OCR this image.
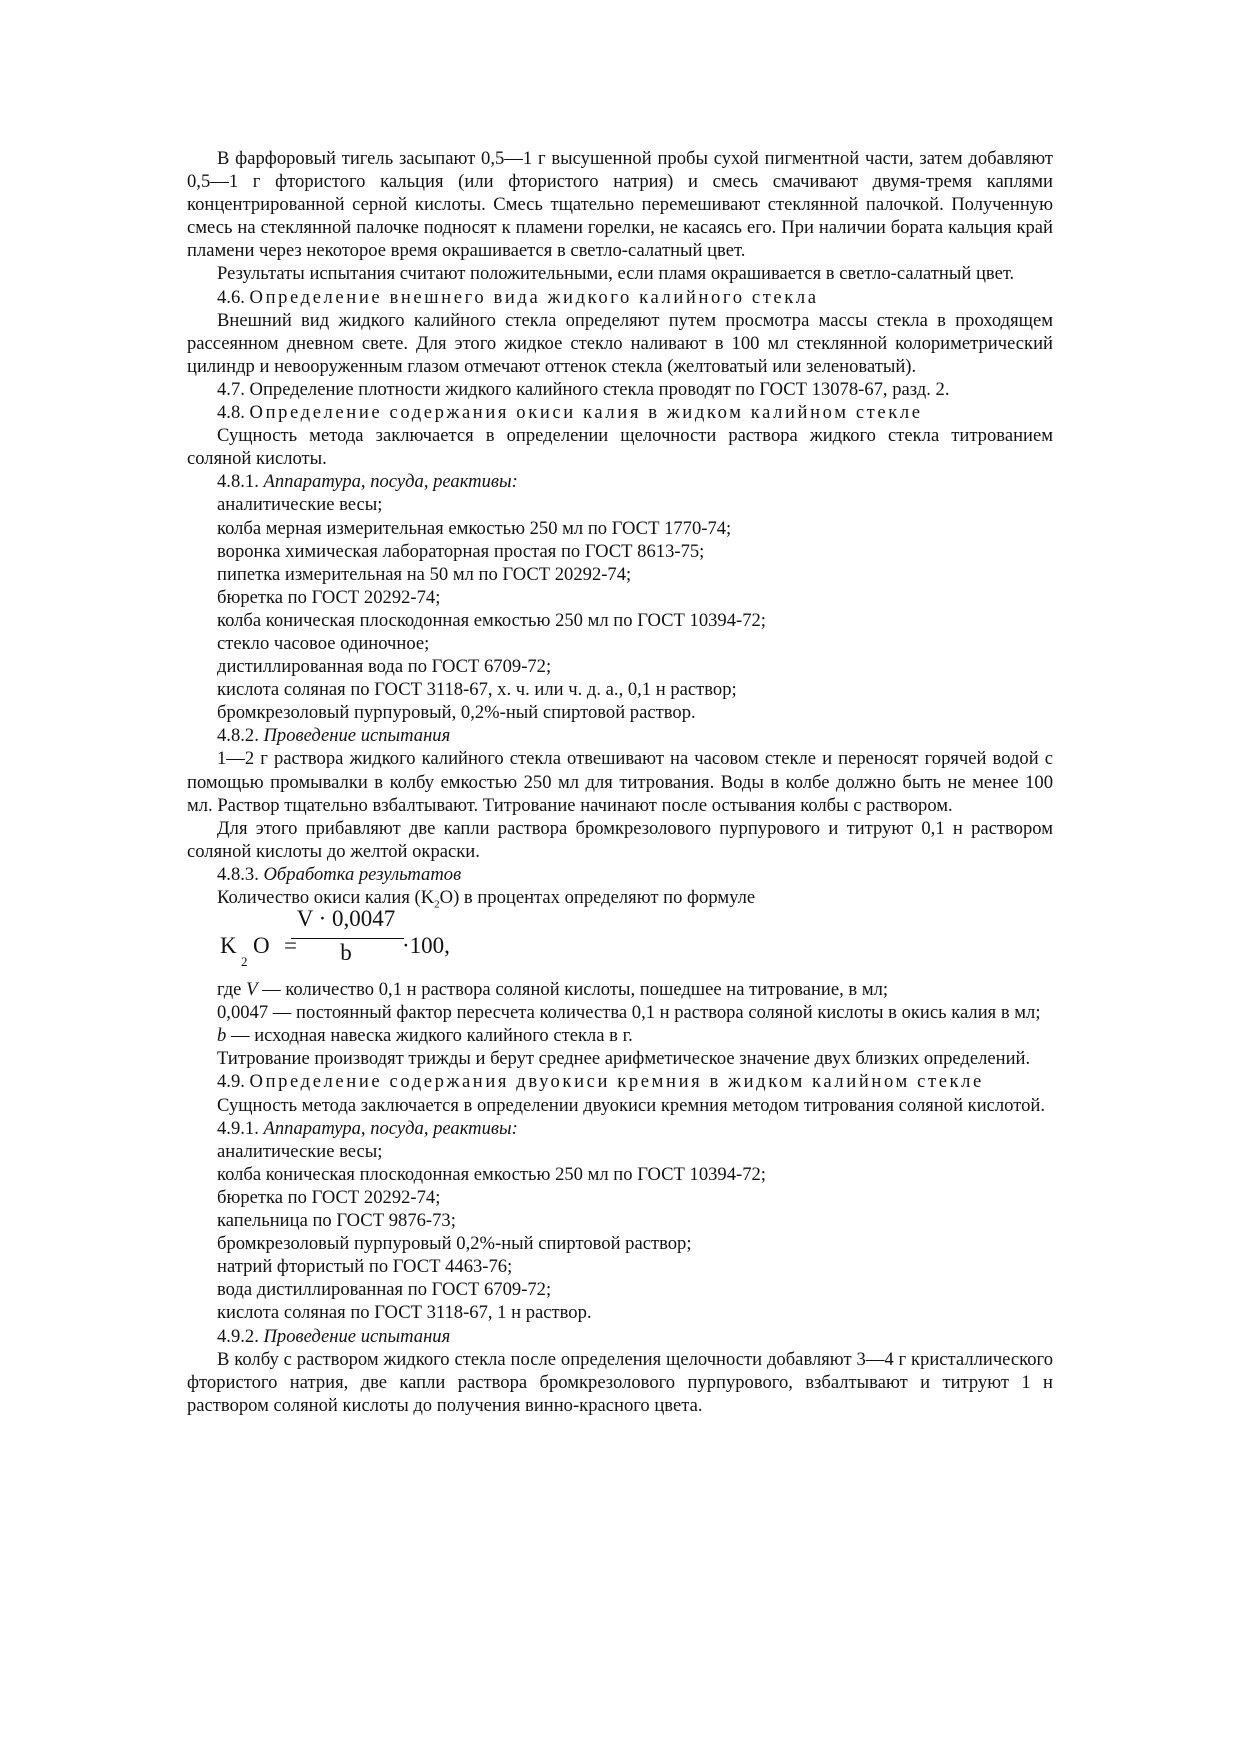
В фарфоровый тигель засыпают 0,5—1 г высушенной пробы сухой пигментной части, затем добавляют 0,5—1 г фтористого кальция (или фтористого натрия) и смесь смачивают двумя-тремя каплями концентрированной серной кислоты. Смесь тщательно перемешивают стеклянной палочкой. Полученную смесь на стеклянной палочке подносят к пламени горелки, не касаясь его. При наличии бората кальция край пламени через некоторое время окрашивается в светло-салатный цвет.

Результаты испытания считают положительными, если пламя окрашивается в светло-салатный цвет.

4.6. Определение внешнего вида жидкого калийного стекла

Внешний вид жидкого калийного стекла определяют путем просмотра массы стекла в проходящем рассеянном дневном свете. Для этого жидкое стекло наливают в 100 мл стеклянной колориметрический цилиндр и невооруженным глазом отмечают оттенок стекла (желтоватый или зеленоватый).

4.7. Определение плотности жидкого калийного стекла проводят по ГОСТ 13078-67, разд. 2.

4.8. Определение содержания окиси калия в жидком калийном стекле

Сущность метода заключается в определении щелочности раствора жидкого стекла титрованием соляной кислоты.

4.8.1. Аппаратура, посуда, реактивы:

аналитические весы;

колба мерная измерительная емкостью 250 мл по ГОСТ 1770-74;

воронка химическая лабораторная простая по ГОСТ 8613-75;

пипетка измерительная на 50 мл по ГОСТ 20292-74;

бюретка по ГОСТ 20292-74;

колба коническая плоскодонная емкостью 250 мл по ГОСТ 10394-72;

стекло часовое одиночное;

дистиллированная вода по ГОСТ 6709-72;

кислота соляная по ГОСТ 3118-67, х. ч. или ч. д. а., 0,1 н раствор;

бромкрезоловый пурпуровый, 0,2%-ный спиртовой раствор.

4.8.2. Проведение испытания

1—2 г раствора жидкого калийного стекла отвешивают на часовом стекле и переносят горячей водой с помощью промывалки в колбу емкостью 250 мл для титрования. Воды в колбе должно быть не менее 100 мл. Раствор тщательно взбалтывают. Титрование начинают после остывания колбы с раствором.

Для этого прибавляют две капли раствора бромкрезолового пурпурового и титруют 0,1 н раствором соляной кислоты до желтой окраски.

4.8.3. Обработка результатов

Количество окиси калия $(K_2O)$ в процентах определяют по формуле

K
2
O =
V · 0,0047
b	·100,

где V — количество 0,1 н раствора соляной кислоты, пошедшее на титрование, в мл;

0,0047 — постоянный фактор пересчета количества 0,1 н раствора соляной кислоты в окись калия в мл;

b — исходная навеска жидкого калийного стекла в г.

Титрование производят трижды и берут среднее арифметическое значение двух близких определений.

4.9. Определение содержания двуокиси кремния в жидком калийном стекле

Сущность метода заключается в определении двуокиси кремния методом титрования соляной кислотой.

4.9.1. Аппаратура, посуда, реактивы:

аналитические весы;

колба коническая плоскодонная емкостью 250 мл по ГОСТ 10394-72;

бюретка по ГОСТ 20292-74;

капельница по ГОСТ 9876-73;

бромкрезоловый пурпуровый 0,2%-ный спиртовой раствор;

натрий фтористый по ГОСТ 4463-76;

вода дистиллированная по ГОСТ 6709-72;

кислота соляная по ГОСТ 3118-67, 1 н раствор.

4.9.2. Проведение испытания

В колбу с раствором жидкого стекла после определения щелочности добавляют 3—4 г кристаллического фтористого натрия, две капли раствора бромкрезолового пурпурового, взбалтывают и титруют 1 н раствором соляной кислоты до получения винно-красного цвета.
